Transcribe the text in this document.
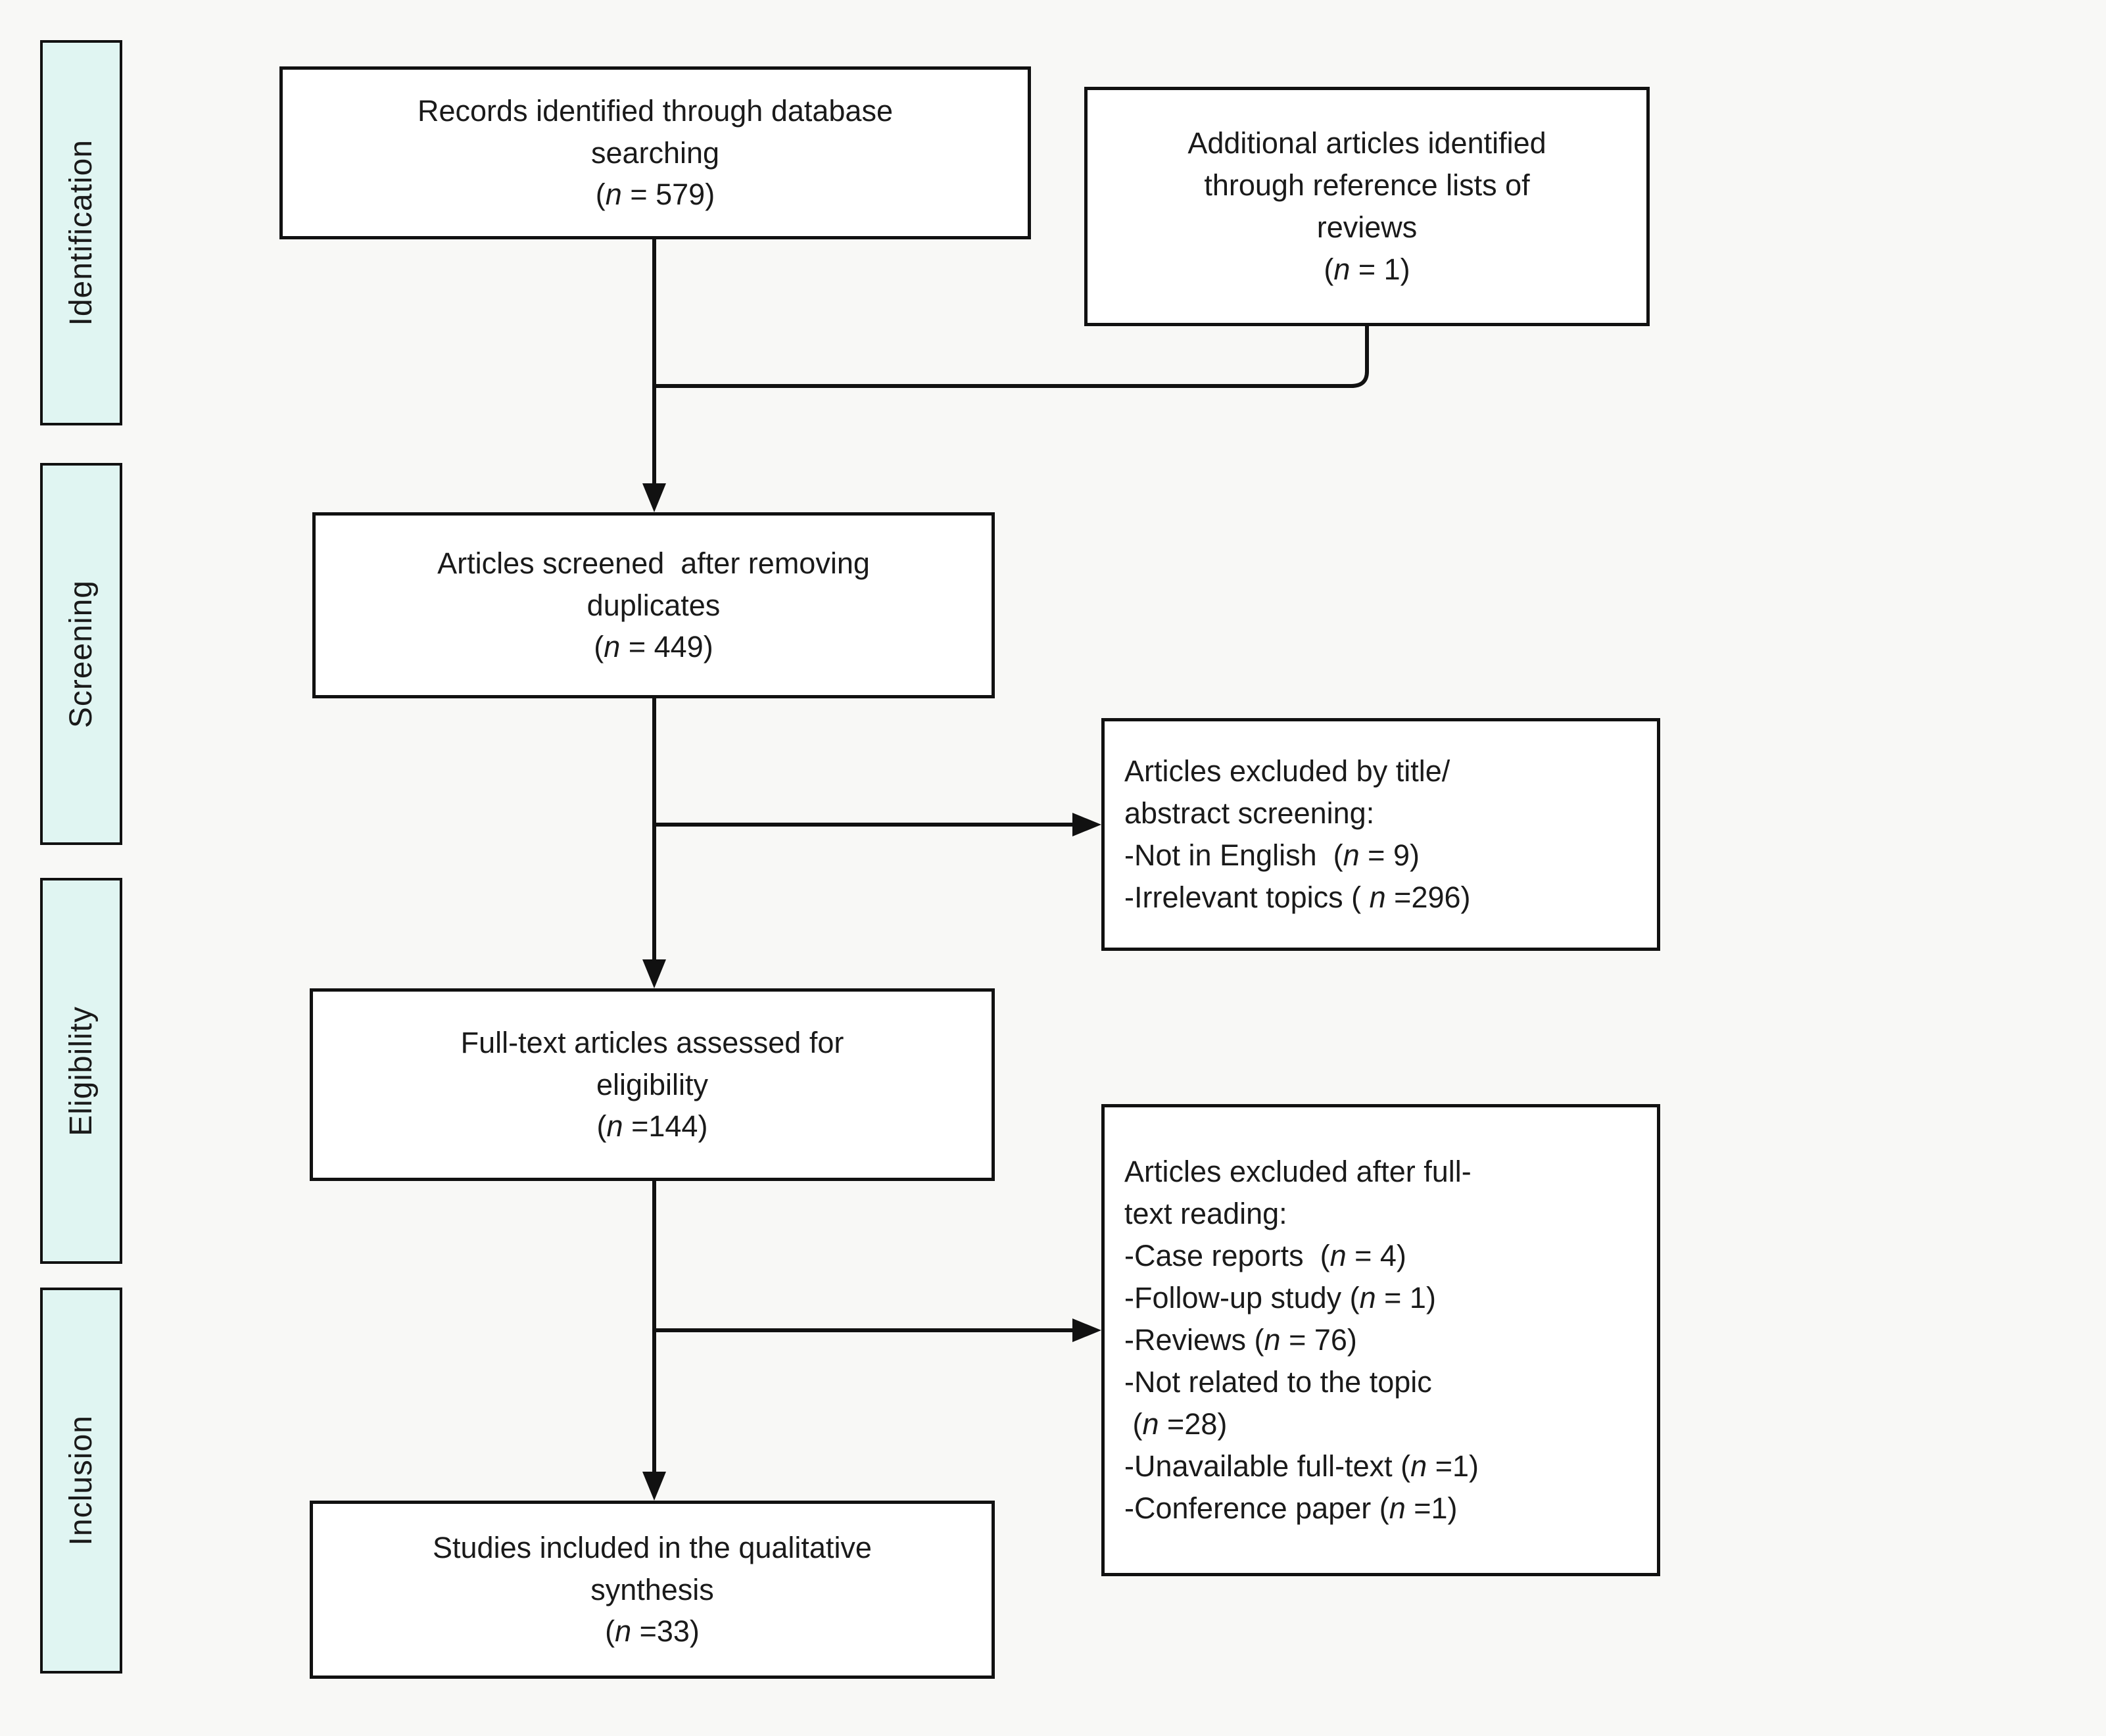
Identification
Screening
Eligibility
Inclusion
Records identified through database
searching
(n = 579)
Additional articles identified
through reference lists of
reviews
(n = 1)
Articles screened  after removing
duplicates
(n = 449)
Articles excluded by title/
abstract screening:
-Not in English  (n = 9)
-Irrelevant topics ( n =296)
Full-text articles assessed for
eligibility
(n =144)
Articles excluded after full-
text reading:
-Case reports  (n = 4)
-Follow-up study (n = 1)
-Reviews (n = 76)
-Not related to the topic
(n =28)
-Unavailable full-text (n =1)
-Conference paper (n =1)
Studies included in the qualitative
synthesis
(n =33)
